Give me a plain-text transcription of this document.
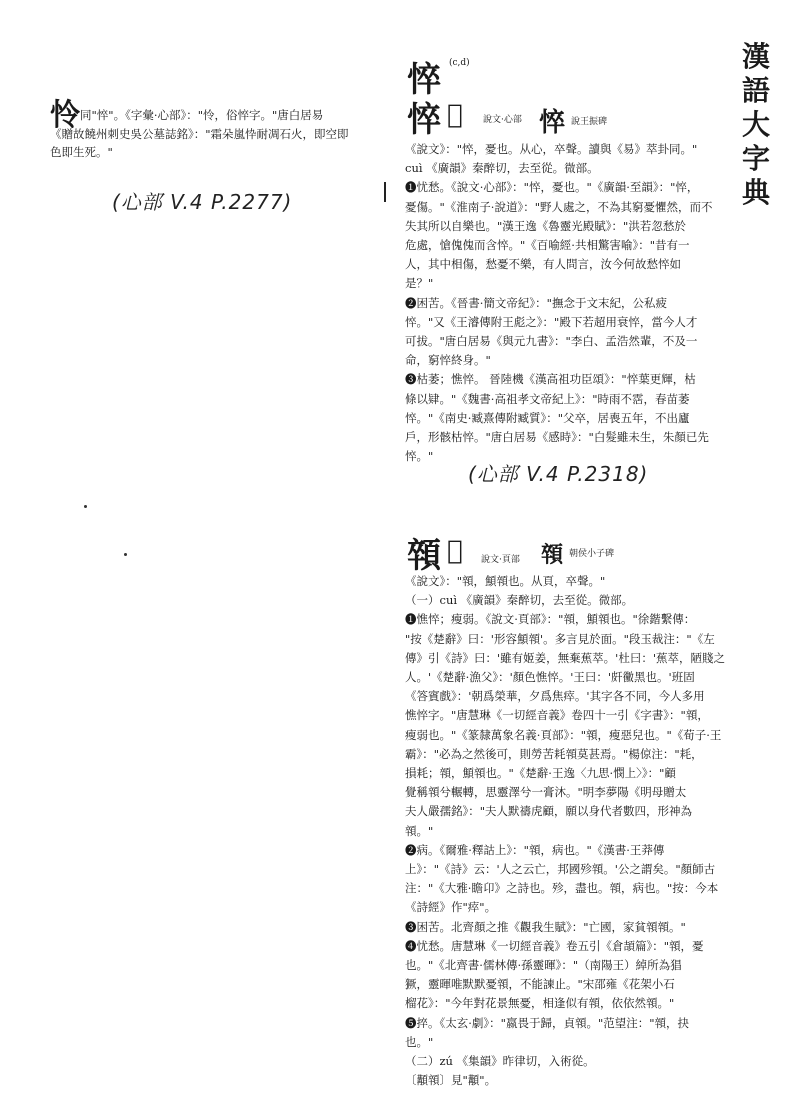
漢
語
大
字
典
怜同"悴"。《字彙·心部》："怜，俗悴字。"唐白居易
《贈故饒州刺史吳公墓誌銘》："霜朵嵐忰耐凋石火，即空即
色即生死。"
(心部 V.4 P.2277)
悴 (c,d)
悴 𢜖 說文·心部 悴 說王振碑

《說文》："悴，憂也。从心，卒聲。讀與《易》萃卦同。"

cuì 《廣韻》秦醉切，去至從。微部。

❶忧愁。《說文·心部》："悴，憂也。"《廣韻·至韻》："悴，

憂傷。"《淮南子·說道》："野人處之，不為其窮憂懼然，而不

失其所以自樂也。"漢王逸《魯靈光殿賦》："洪若忽愁於

危處，愴傀傀而含悴。"《百喻經·共相驚害喻》："昔有一

人，其中相傷，愁憂不樂，有人問言，汝今何故愁悴如

是？"

❷困苦。《晉書·簡文帝紀》："撫念于文末紀，公私疲

悴。"又《王濬傳附王彪之》："殿下若超用衰悴，當今人才

可拔。"唐白居易《與元九書》："李白、孟浩然輩，不及一

命，窮悴終身。"

❸枯萎；憔悴。 晉陸機《漢高祖功臣頌》："悴葉更輝，枯

條以肄。"《魏書·高祖孝文帝紀上》："時雨不霑，春苗萎

悴。"《南史·臧熹傳附臧質》："父卒，居喪五年，不出廬

戶，形骸枯悴。"唐白居易《感時》："白髮雖未生，朱顏已先

悴。"

(心部 V.4 P.2318)
顇 𩔍 說文·頁部 顇 朝侯小子碑

《說文》："顇，顦顇也。从頁，卒聲。"

（一）cuì 《廣韻》秦醉切，去至從。微部。

❶憔悴；瘦弱。《說文·頁部》："顇，顦顇也。"徐鍇繫傳：

"按《楚辭》曰：'形容顦顇'。多言見於面。"段玉裁注："《左

傳》引《詩》曰：'雖有姬姜，無棄蕉萃。'杜曰：'蕉萃，陋賤之

人。'《楚辭·漁父》：'顏色憔悴。'王曰：'皯黴黑也。'班固

《答賓戲》：'朝爲榮華，夕爲焦瘁。'其字各不同，今人多用

憔悴字。"唐慧琳《一切經音義》卷四十一引《字書》："顇，

瘦弱也。"《篆隸萬象名義·頁部》："顇，瘦惡兒也。"《荀子·王

霸》："必為之然後可，則勞苦耗顇莫甚焉。"楊倞注："耗，

損耗；顇，顦顇也。"《楚辭·王逸〈九思·憫上〉》："顧

覺稱顇兮輾轉，思靈澤兮一膏沐。"明李夢陽《明母贈太

夫人嚴孺銘》："夫人默禱虎顧，願以身代者數四，形神為

顇。"

❷病。《爾雅·釋詁上》："顇，病也。"《漢書·王莽傳

上》："《詩》云：'人之云亡，邦國殄顇。'公之謂矣。"顏師古

注："《大雅·瞻卬》之詩也。殄，盡也。顇，病也。"按：今本

《詩經》作"瘁"。

❸困苦。北齊顏之推《觀我生賦》："亡國，家貧顇顇。"

❹忧愁。唐慧琳《一切經音義》卷五引《倉頡篇》："顇，憂

也。"《北齊書·儒林傳·孫靈暉》："（南陽王）綽所為猖

獗，靈暉唯默默憂顇，不能諫止。"宋邵雍《花架小石

榴花》："今年對花景無憂，相逢似有顇，依依然顇。"

❺捽。《太玄·劇》："嬴畏于歸，貞顇。"范望注："顇，抉

也。"

（二）zú 《集韻》昨律切，入術從。

〔顜顇〕見"顜"。
